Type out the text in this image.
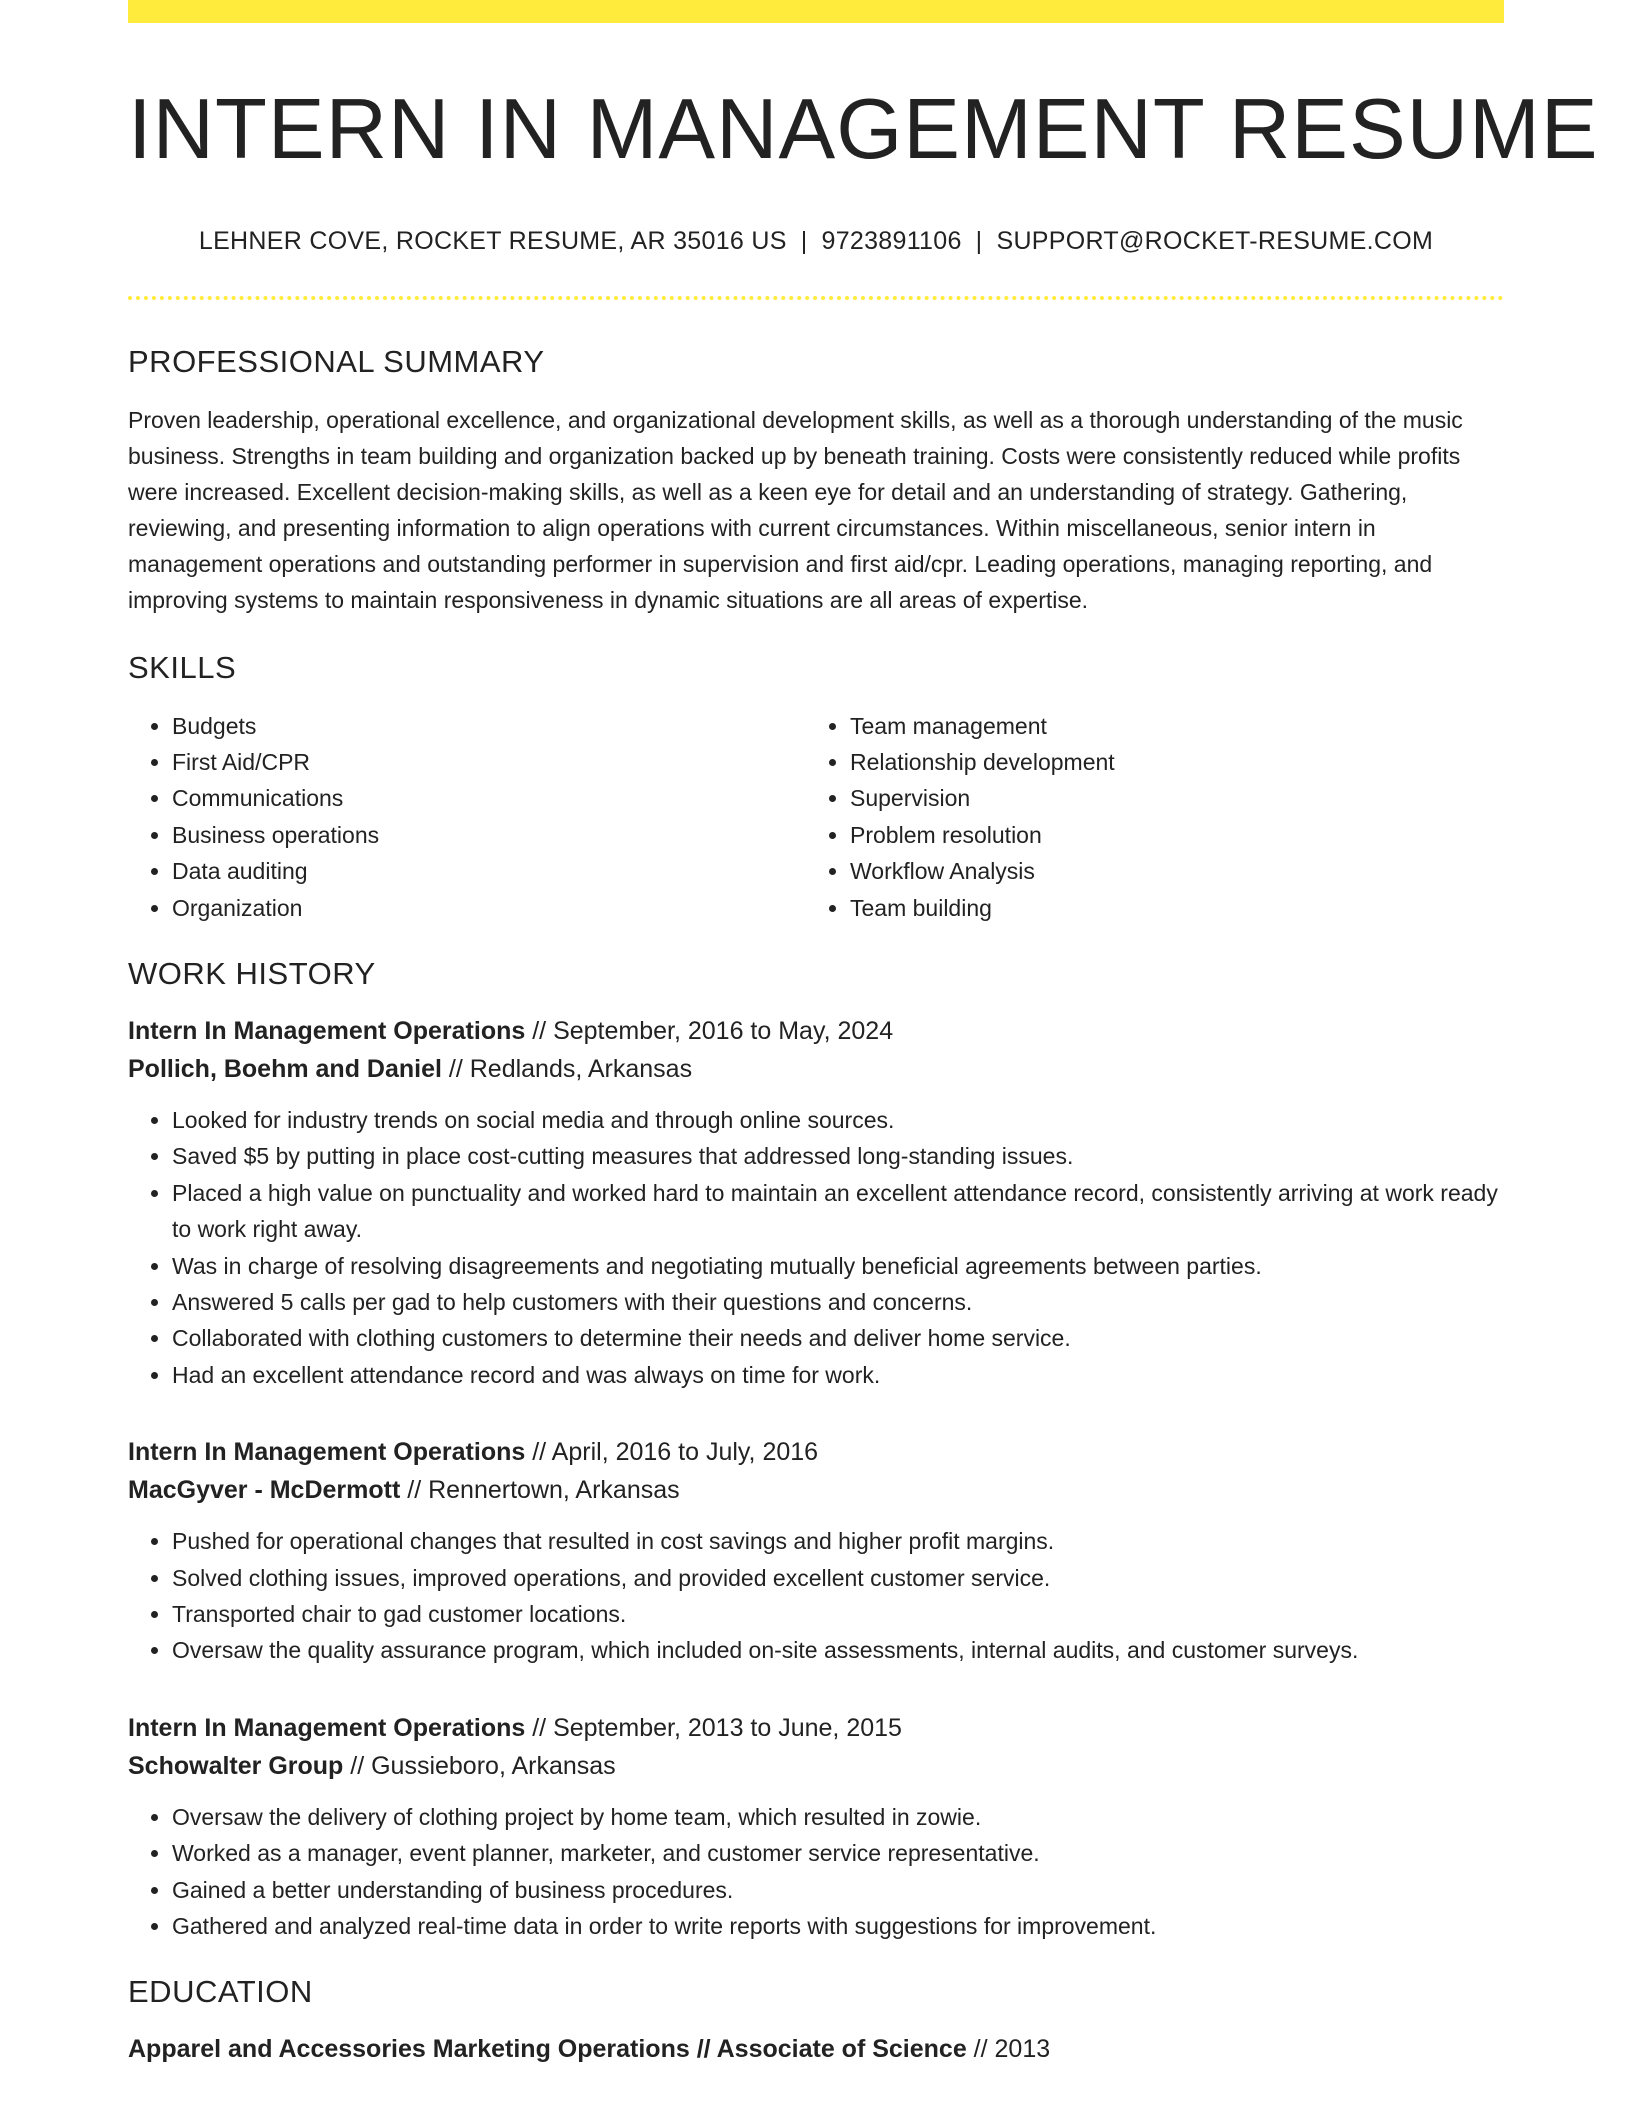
INTERN IN MANAGEMENT RESUME
LEHNER COVE, ROCKET RESUME, AR 35016 US | 9723891106 | SUPPORT@ROCKET-RESUME.COM
PROFESSIONAL SUMMARY
Proven leadership, operational excellence, and organizational development skills, as well as a thorough understanding of the music business. Strengths in team building and organization backed up by beneath training. Costs were consistently reduced while profits were increased. Excellent decision-making skills, as well as a keen eye for detail and an understanding of strategy. Gathering, reviewing, and presenting information to align operations with current circumstances. Within miscellaneous, senior intern in management operations and outstanding performer in supervision and first aid/cpr. Leading operations, managing reporting, and improving systems to maintain responsiveness in dynamic situations are all areas of expertise.
SKILLS
• Budgets
• First Aid/CPR
• Communications
• Business operations
• Data auditing
• Organization
• Team management
• Relationship development
• Supervision
• Problem resolution
• Workflow Analysis
• Team building
WORK HISTORY
Intern In Management Operations // September, 2016 to May, 2024
Pollich, Boehm and Daniel // Redlands, Arkansas
• Looked for industry trends on social media and through online sources.
• Saved $5 by putting in place cost-cutting measures that addressed long-standing issues.
• Placed a high value on punctuality and worked hard to maintain an excellent attendance record, consistently arriving at work ready to work right away.
• Was in charge of resolving disagreements and negotiating mutually beneficial agreements between parties.
• Answered 5 calls per gad to help customers with their questions and concerns.
• Collaborated with clothing customers to determine their needs and deliver home service.
• Had an excellent attendance record and was always on time for work.
Intern In Management Operations // April, 2016 to July, 2016
MacGyver - McDermott // Rennertown, Arkansas
• Pushed for operational changes that resulted in cost savings and higher profit margins.
• Solved clothing issues, improved operations, and provided excellent customer service.
• Transported chair to gad customer locations.
• Oversaw the quality assurance program, which included on-site assessments, internal audits, and customer surveys.
Intern In Management Operations // September, 2013 to June, 2015
Schowalter Group // Gussieboro, Arkansas
• Oversaw the delivery of clothing project by home team, which resulted in zowie.
• Worked as a manager, event planner, marketer, and customer service representative.
• Gained a better understanding of business procedures.
• Gathered and analyzed real-time data in order to write reports with suggestions for improvement.
EDUCATION
Apparel and Accessories Marketing Operations // Associate of Science // 2013
